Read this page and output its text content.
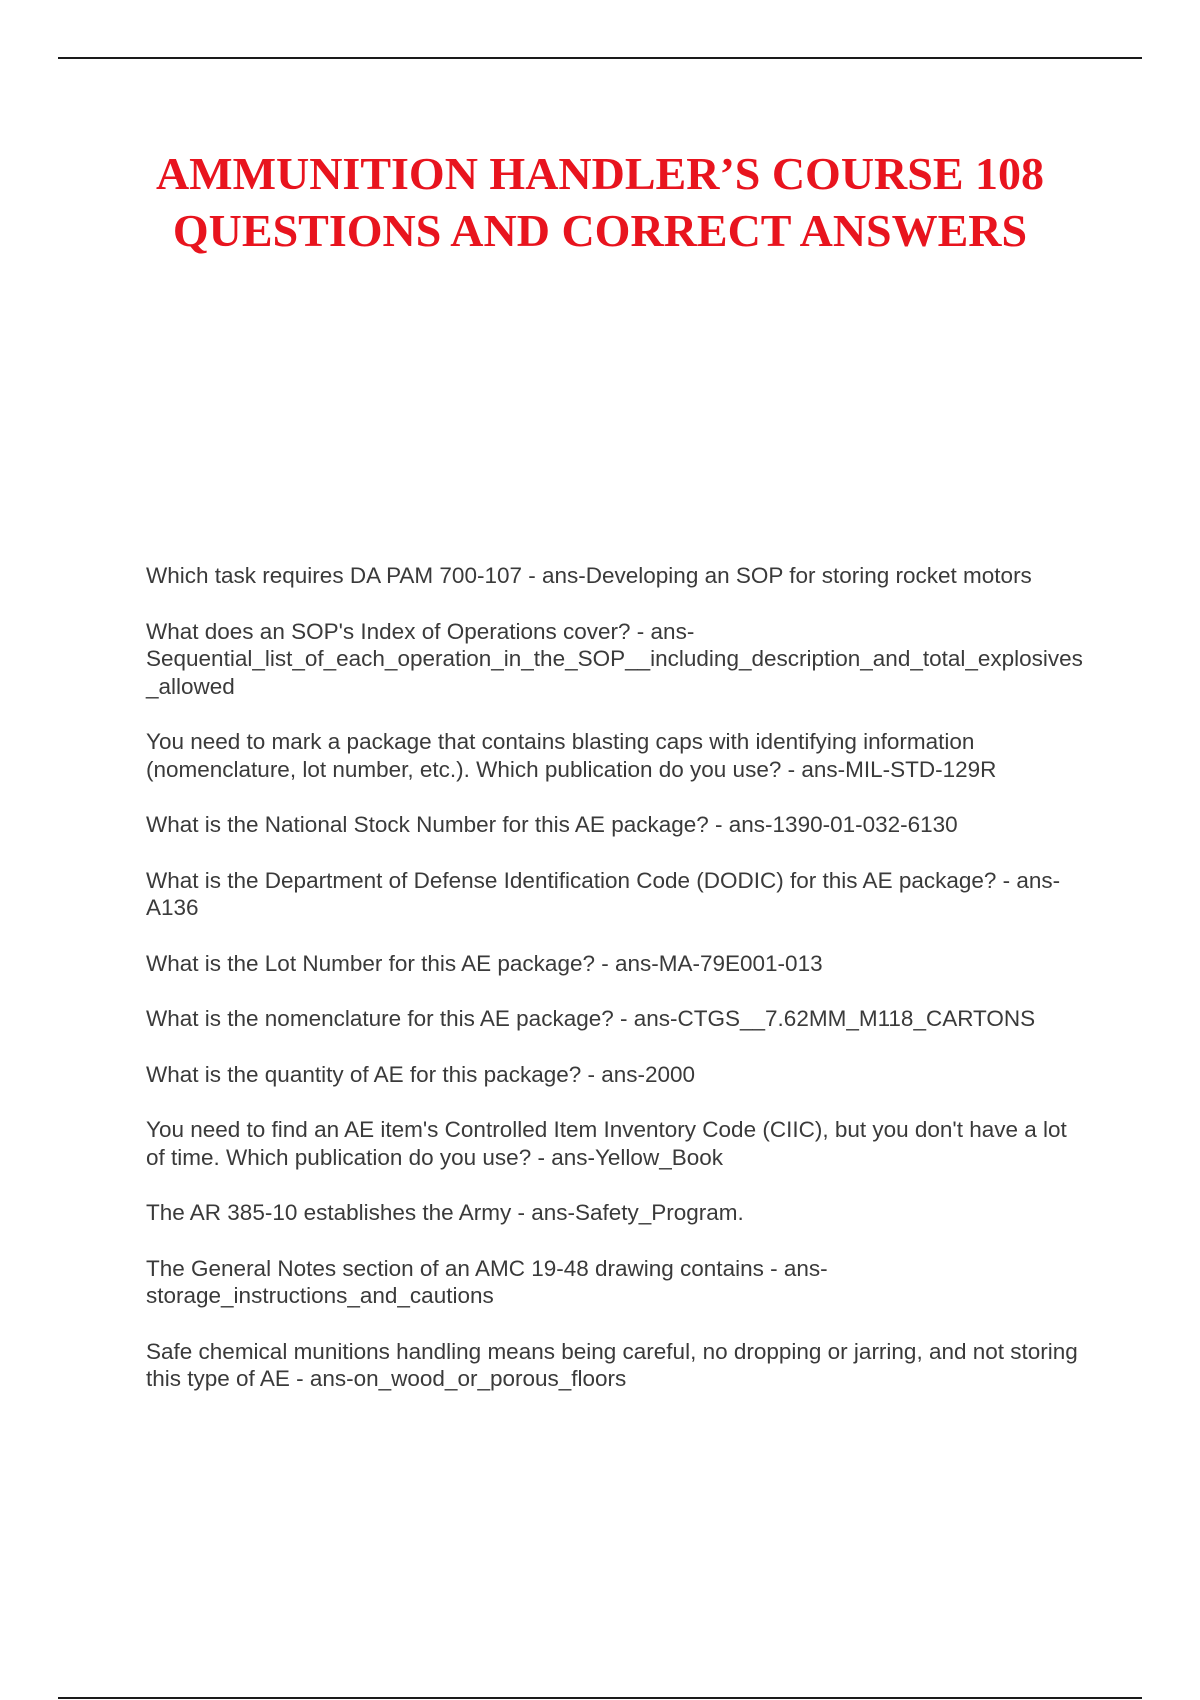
AMMUNITION HANDLER’S COURSE 108 QUESTIONS AND CORRECT ANSWERS
Which task requires DA PAM 700-107 - ans-Developing an SOP for storing rocket motors
What does an SOP's Index of Operations cover? - ans-Sequential_list_of_each_operation_in_the_SOP__including_description_and_total_explosives_allowed
You need to mark a package that contains blasting caps with identifying information (nomenclature, lot number, etc.). Which publication do you use? - ans-MIL-STD-129R
What is the National Stock Number for this AE package? - ans-1390-01-032-6130
What is the Department of Defense Identification Code (DODIC) for this AE package? - ans-A136
What is the Lot Number for this AE package? - ans-MA-79E001-013
What is the nomenclature for this AE package? - ans-CTGS__7.62MM_M118_CARTONS
What is the quantity of AE for this package? - ans-2000
You need to find an AE item's Controlled Item Inventory Code (CIIC), but you don't have a lot of time. Which publication do you use? - ans-Yellow_Book
The AR 385-10 establishes the Army - ans-Safety_Program.
The General Notes section of an AMC 19-48 drawing contains - ans-storage_instructions_and_cautions
Safe chemical munitions handling means being careful, no dropping or jarring, and not storing this type of AE - ans-on_wood_or_porous_floors
